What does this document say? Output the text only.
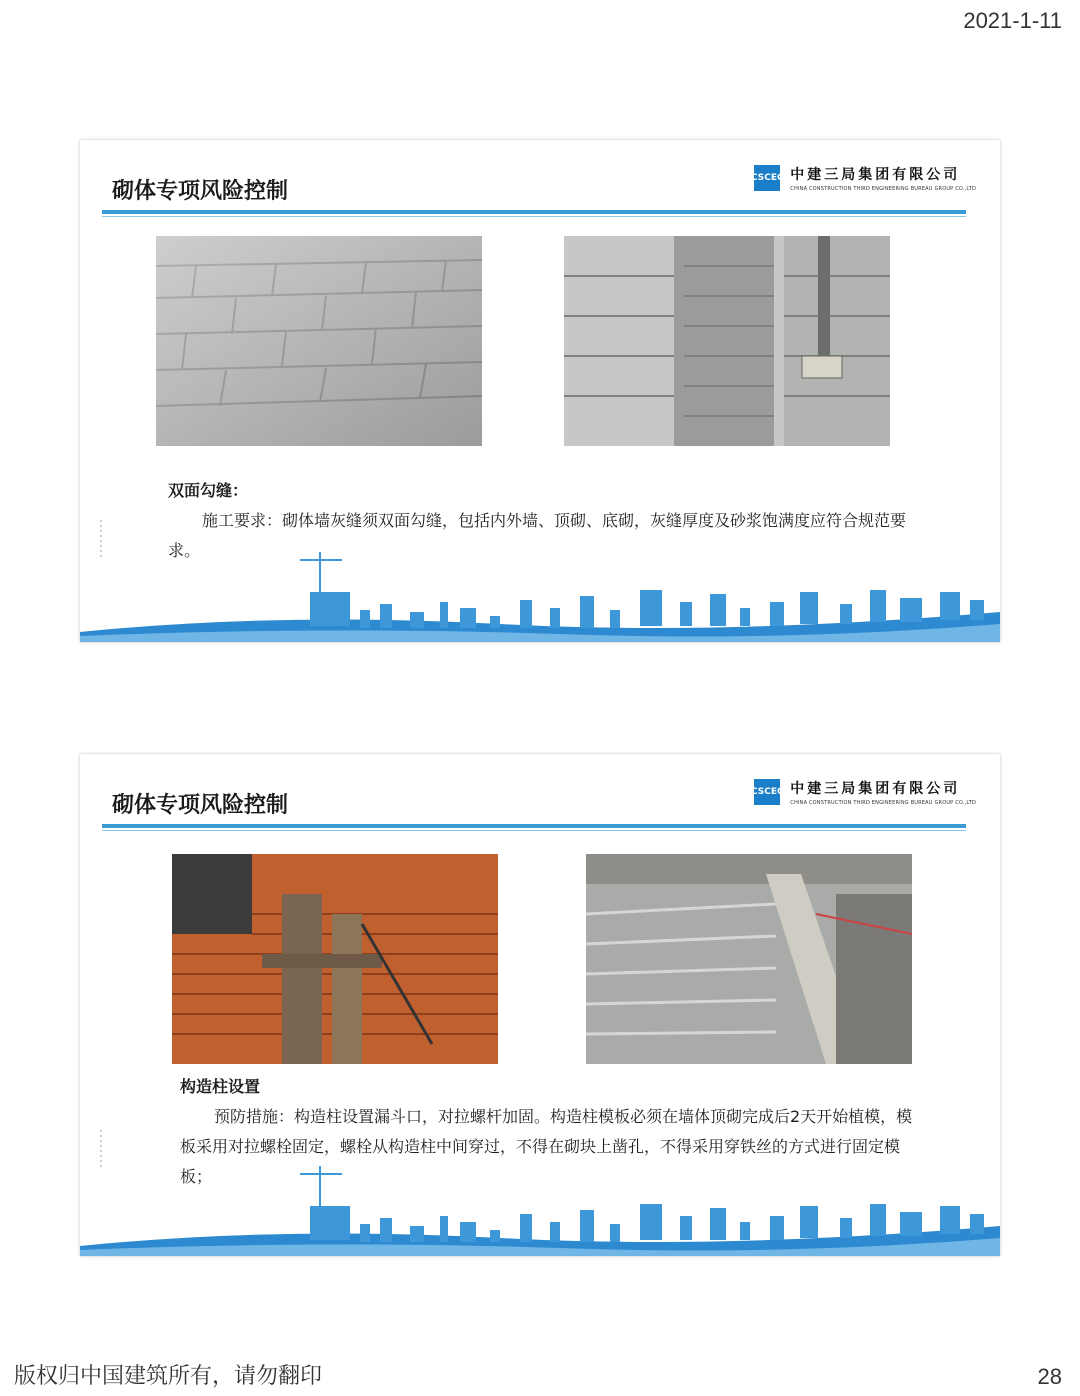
2021-1-11
砌体专项风险控制
CSCEC 中建三局集团有限公司
CHINA CONSTRUCTION THIRD ENGINEERING BUREAU GROUP CO.,LTD
双面勾缝：
施工要求：砌体墙灰缝须双面勾缝，包括内外墙、顶砌、底砌，灰缝厚度及砂浆饱满度应符合规范要求。
砌体专项风险控制
CSCEC 中建三局集团有限公司
CHINA CONSTRUCTION THIRD ENGINEERING BUREAU GROUP CO.,LTD
构造柱设置
预防措施：构造柱设置漏斗口，对拉螺杆加固。构造柱模板必须在墙体顶砌完成后2天开始植模，模板采用对拉螺栓固定，螺栓从构造柱中间穿过，不得在砌块上凿孔，不得采用穿铁丝的方式进行固定模板；
版权归中国建筑所有，请勿翻印	28
